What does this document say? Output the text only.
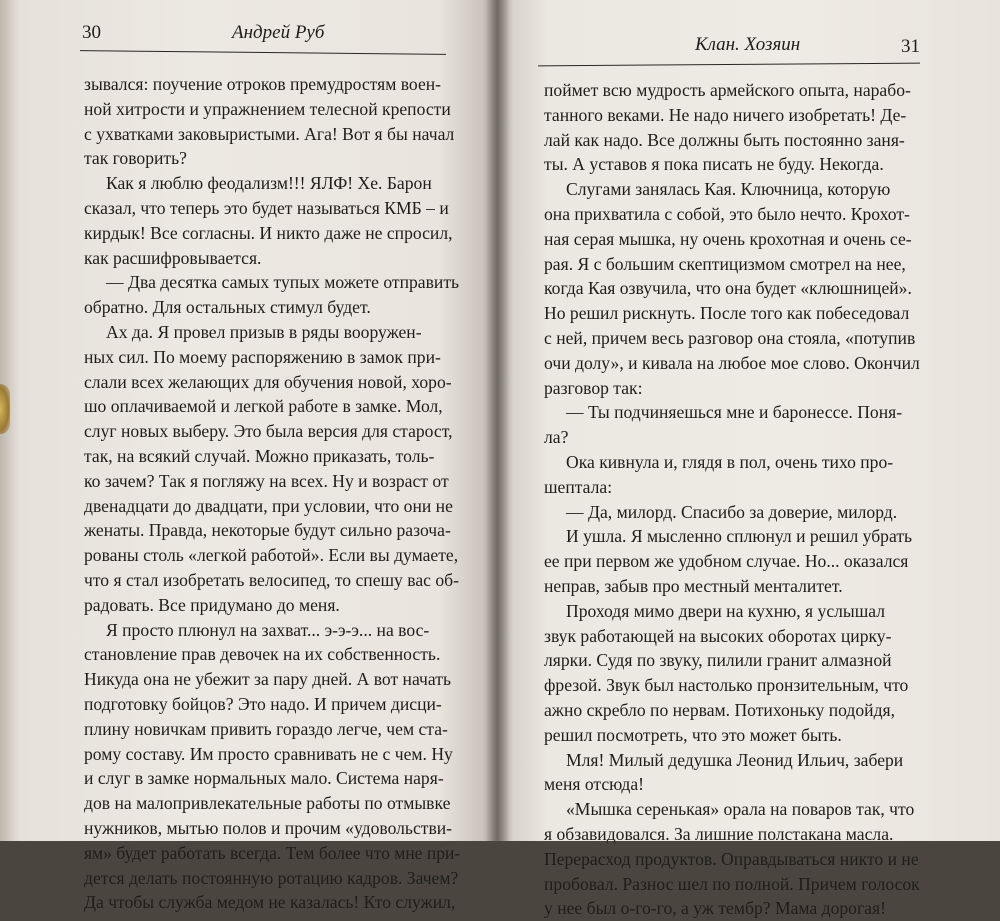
30	Андрей Руб
зывался: поучение отроков премудростям воен-
ной хитрости и упражнением телесной крепости
с ухватками заковыристыми. Ага! Вот я бы начал
так говорить?
Как я люблю феодализм!!! ЯЛФ! Хе. Барон
сказал, что теперь это будет называться КМБ – и
кирдык! Все согласны. И никто даже не спросил,
как расшифровывается.
— Два десятка самых тупых можете отправить
обратно. Для остальных стимул будет.
Ах да. Я провел призыв в ряды вооружен-
ных сил. По моему распоряжению в замок при-
слали всех желающих для обучения новой, хоро-
шо оплачиваемой и легкой работе в замке. Мол,
слуг новых выберу. Это была версия для старост,
так, на всякий случай. Можно приказать, толь-
ко зачем? Так я погляжу на всех. Ну и возраст от
двенадцати до двадцати, при условии, что они не
женаты. Правда, некоторые будут сильно разоча-
рованы столь «легкой работой». Если вы думаете,
что я стал изобретать велосипед, то спешу вас об-
радовать. Все придумано до меня.
Я просто плюнул на захват... э-э-э... на вос-
становление прав девочек на их собственность.
Никуда она не убежит за пару дней. А вот начать
подготовку бойцов? Это надо. И причем дисци-
плину новичкам привить гораздо легче, чем ста-
рому составу. Им просто сравнивать не с чем. Ну
и слуг в замке нормальных мало. Система наря-
дов на малопривлекательные работы по отмывке
нужников, мытью полов и прочим «удовольстви-
ям» будет работать всегда. Тем более что мне при-
дется делать постоянную ротацию кадров. Зачем?
Да чтобы служба медом не казалась! Кто служил,
Клан. Хозяин	31
поймет всю мудрость армейского опыта, нарабо-
танного веками. Не надо ничего изобретать! Де-
лай как надо. Все должны быть постоянно заня-
ты. А уставов я пока писать не буду. Некогда.
Слугами занялась Кая. Ключница, которую
она прихватила с собой, это было нечто. Крохот-
ная серая мышка, ну очень крохотная и очень се-
рая. Я с большим скептицизмом смотрел на нее,
когда Кая озвучила, что она будет «клюшницей».
Но решил рискнуть. После того как побеседовал
с ней, причем весь разговор она стояла, «потупив
очи долу», и кивала на любое мое слово. Окончил
разговор так:
— Ты подчиняешься мне и баронессе. Поня-
ла?
Ока кивнула и, глядя в пол, очень тихо про-
шептала:
— Да, милорд. Спасибо за доверие, милорд.
И ушла. Я мысленно сплюнул и решил убрать
ее при первом же удобном случае. Но... оказался
неправ, забыв про местный менталитет.
Проходя мимо двери на кухню, я услышал
звук работающей на высоких оборотах цирку-
лярки. Судя по звуку, пилили гранит алмазной
фрезой. Звук был настолько пронзительным, что
ажно скребло по нервам. Потихоньку подойдя,
решил посмотреть, что это может быть.
Мля! Милый дедушка Леонид Ильич, забери
меня отсюда!
«Мышка серенькая» орала на поваров так, что
я обзавидовался. За лишние полстакана масла.
Перерасход продуктов. Оправдываться никто и не
пробовал. Разнос шел по полной. Причем голосок
у нее был о-го-го, а уж тембр? Мама дорогая!
